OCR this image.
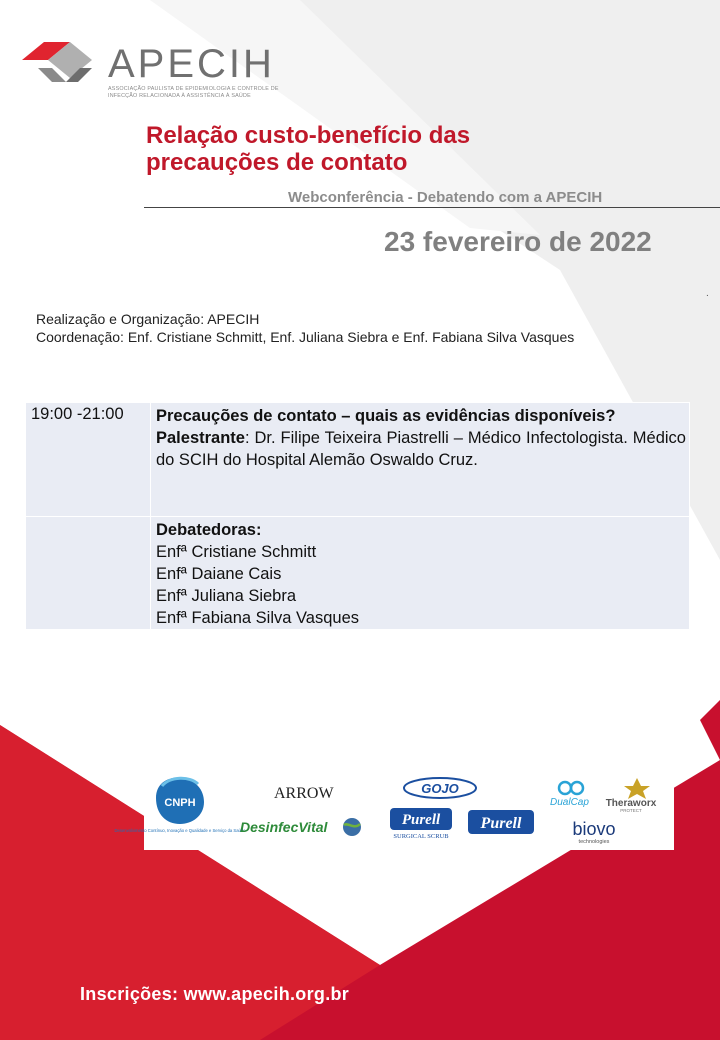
APECIH
ASSOCIAÇÃO PAULISTA DE EPIDEMIOLOGIA E CONTROLE DE INFECÇÃO RELACIONADA À ASSISTÊNCIA À SAÚDE
Relação custo-benefício das precauções de contato
Webconferência - Debatendo com a APECIH
23 fevereiro de 2022
.
Realização e Organização: APECIH
Coordenação: Enf. Cristiane Schmitt, Enf. Juliana Siebra e Enf. Fabiana Silva Vasques
19:00 -21:00	Precauções de contato – quais as evidências disponíveis?
Palestrante: Dr. Filipe Teixeira Piastrelli – Médico Infectologista. Médico do SCIH do Hospital Alemão Oswaldo Cruz.

	Debatedoras:
Enfª Cristiane Schmitt
Enfª Daiane Cais
Enfª Juliana Siebra
Enfª Fabiana Silva Vasques
CNPH
Desenvolvimento Contínuo, Inovação e Qualidade e Serviço da Saúde
ARROW
DesinfecVital
GOJO
Purell
SURGICAL SCRUB
Purell
DualCap Theraworx
PROTECT
biovo
technologies
Inscrições: www.apecih.org.br
